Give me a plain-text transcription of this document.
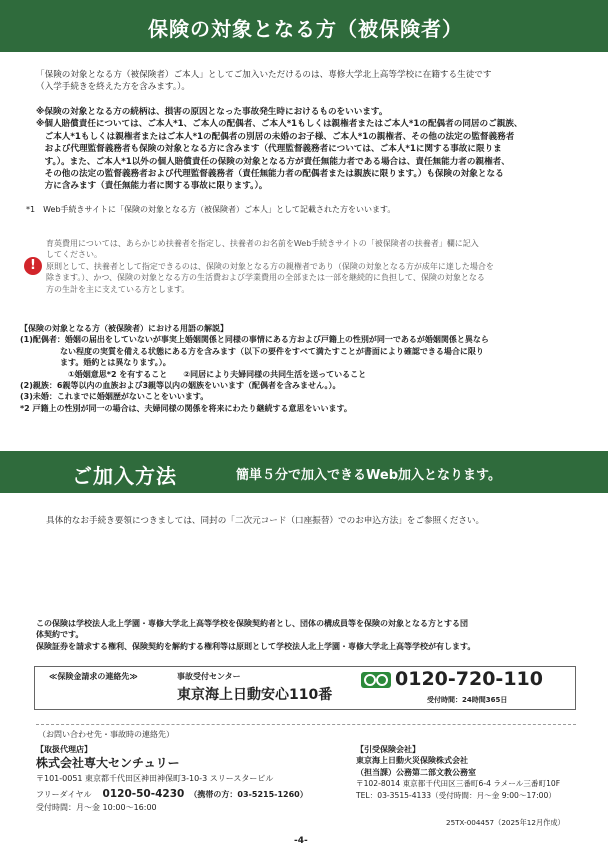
保険の対象となる方（被保険者）
「保険の対象となる方（被保険者）ご本人」としてご加入いただけるのは、専修大学北上高等学校に在籍する生徒です
（入学手続きを終えた方を含みます。）。
※保険の対象となる方の続柄は、損害の原因となった事故発生時におけるものをいいます。
※個人賠償責任については、ご本人*1、ご本人の配偶者、ご本人*1もしくは親権者またはご本人*1の配偶者の同居のご親族、
　ご本人*1もしくは親権者またはご本人*1の配偶者の別居の未婚のお子様、ご本人*1の親権者、その他の法定の監督義務者
　および代理監督義務者も保険の対象となる方に含みます（代理監督義務者については、ご本人*1に関する事故に限りま
　す。）。また、ご本人*1以外の個人賠償責任の保険の対象となる方が責任無能力者である場合は、責任無能力者の親権者、
　その他の法定の監督義務者および代理監督義務者（責任無能力者の配偶者または親族に限ります。）も保険の対象となる
　方に含みます（責任無能力者に関する事故に限ります。）。
*1　Web手続きサイトに「保険の対象となる方（被保険者）ご本人」として記載された方をいいます。
!
育英費用については、あらかじめ扶養者を指定し、扶養者のお名前をWeb手続きサイトの「被保険者の扶養者」欄に記入
してください。
原則として、扶養者として指定できるのは、保険の対象となる方の親権者であり（保険の対象となる方が成年に達した場合を
除きます。）、かつ、保険の対象となる方の生活費および学業費用の全部または一部を継続的に負担して、保険の対象となる
方の生計を主に支えている方とします。
【保険の対象となる方（被保険者）における用語の解説】
(1)配偶者：婚姻の届出をしていないが事実上婚姻関係と同様の事情にある方および戸籍上の性別が同一であるが婚姻関係と異なら
　　　　　ない程度の実質を備える状態にある方を含みます（以下の要件をすべて満たすことが書面により確認できる場合に限り
　　　　　ます。婚約とは異なります。）。
　　　　　　①婚姻意思*2 を有すること　　②同居により夫婦同様の共同生活を送っていること
(2)親族：6親等以内の血族および3親等以内の姻族をいいます（配偶者を含みません。）。
(3)未婚：これまでに婚姻歴がないことをいいます。
*2 戸籍上の性別が同一の場合は、夫婦同様の関係を将来にわたり継続する意思をいいます。
ご加入方法	簡単５分で加入できるWeb加入となります。
具体的なお手続き要領につきましては、同封の「二次元コード（口座振替）でのお申込方法」をご参照ください。
この保険は学校法人北上学園・専修大学北上高等学校を保険契約者とし、団体の構成員等を保険の対象となる方とする団
体契約です。
保険証券を請求する権利、保険契約を解約する権利等は原則として学校法人北上学園・専修大学北上高等学校が有します。
≪保険金請求の連絡先≫	事故受付センター
東京海上日動安心110番
0120-720-110
受付時間：24時間365日
（お問い合わせ先・事故時の連絡先）
【取扱代理店】
株式会社専大センチュリー
〒101-0051 東京都千代田区神田神保町3-10-3 スリースタービル
フリーダイヤル 0120-50-4230 （携帯の方：03-5215-1260）
受付時間：月～金 10:00～16:00
【引受保険会社】
東京海上日動火災保険株式会社
（担当課）公務第二部文教公務室
〒102-8014 東京都千代田区三番町6-4 ラメール三番町10F
TEL：03-3515-4133（受付時間：月～金 9:00～17:00）
25TX-004457（2025年12月作成）
-4-
